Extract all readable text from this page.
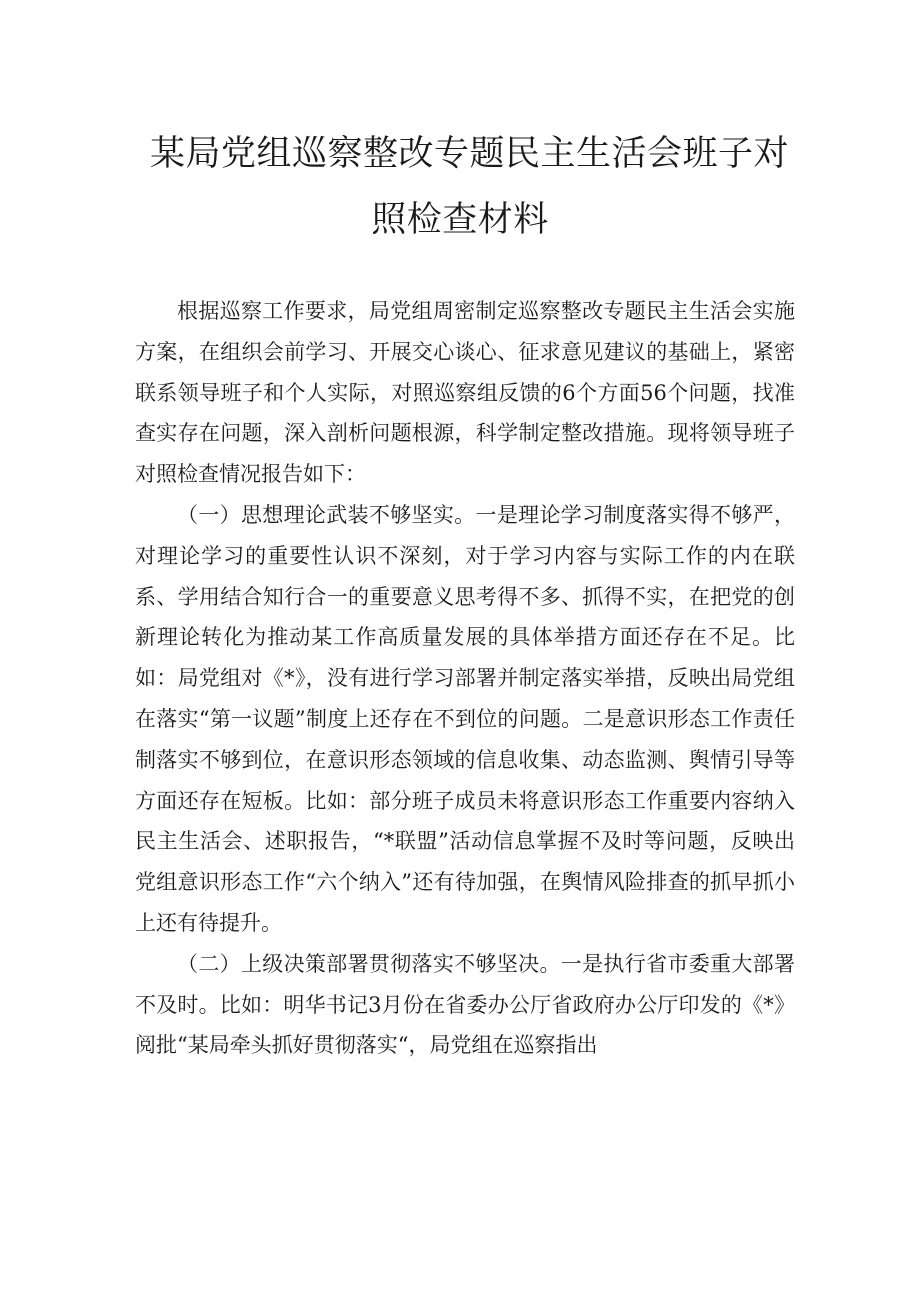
某局党组巡察整改专题民主生活会班子对
照检查材料

根据巡察工作要求，局党组周密制定巡察整改专题民主生活会实施方案，在组织会前学习、开展交心谈心、征求意见建议的基础上，紧密联系领导班子和个人实际，对照巡察组反馈的6个方面56个问题，找准查实存在问题，深入剖析问题根源，科学制定整改措施。现将领导班子对照检查情况报告如下：

（一）思想理论武装不够坚实。一是理论学习制度落实得不够严，对理论学习的重要性认识不深刻，对于学习内容与实际工作的内在联系、学用结合知行合一的重要意义思考得不多、抓得不实，在把党的创新理论转化为推动某工作高质量发展的具体举措方面还存在不足。比如：局党组对《*》，没有进行学习部署并制定落实举措，反映出局党组在落实“第一议题”制度上还存在不到位的问题。二是意识形态工作责任制落实不够到位，在意识形态领域的信息收集、动态监测、舆情引导等方面还存在短板。比如：部分班子成员未将意识形态工作重要内容纳入民主生活会、述职报告，“*联盟”活动信息掌握不及时等问题，反映出党组意识形态工作“六个纳入”还有待加强，在舆情风险排查的抓早抓小上还有待提升。

（二）上级决策部署贯彻落实不够坚决。一是执行省市委重大部署不及时。比如：明华书记3月份在省委办公厅省政府办公厅印发的《*》阅批“某局牵头抓好贯彻落实“，局党组在巡察指出
